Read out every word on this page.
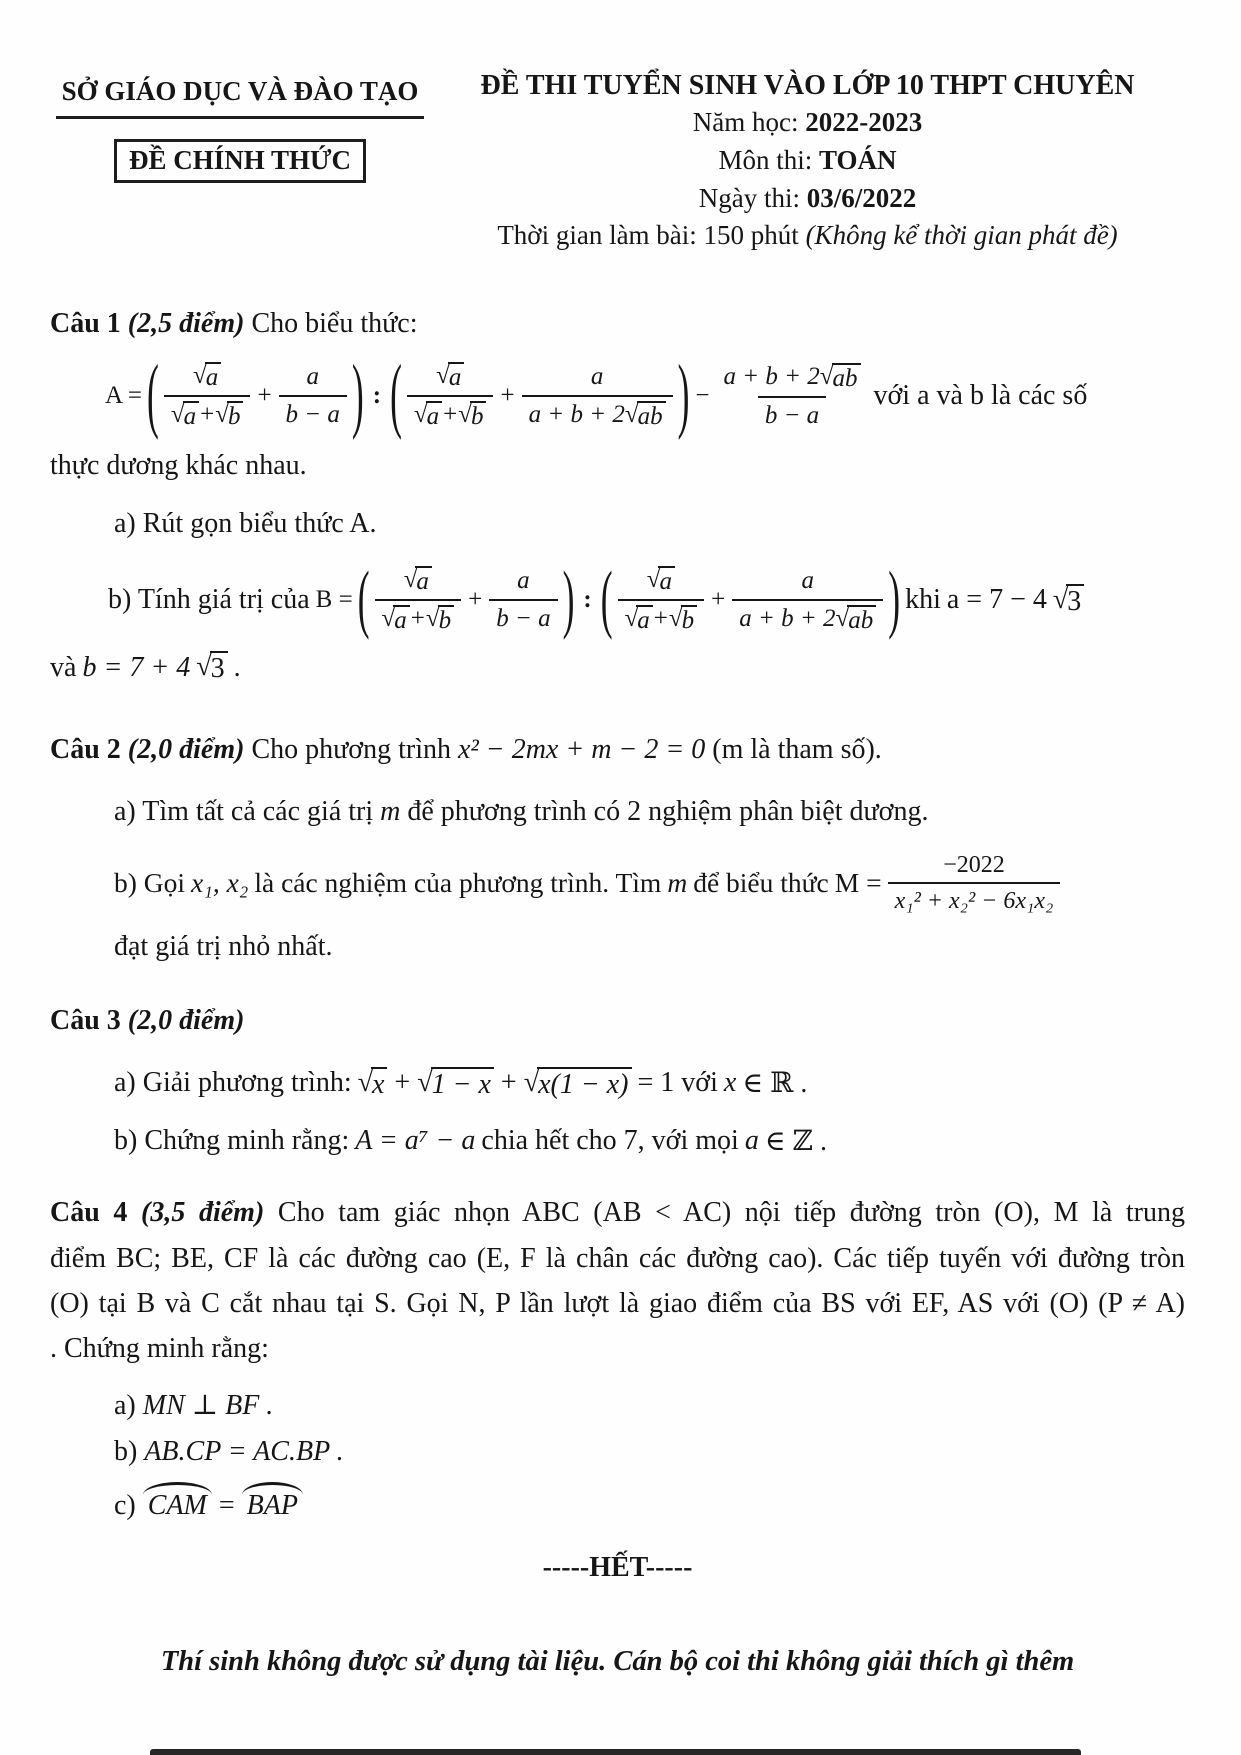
SỞ GIÁO DỤC VÀ ĐÀO TẠO
ĐỀ CHÍNH THỨC
ĐỀ THI TUYỂN SINH VÀO LỚP 10 THPT CHUYÊN
Năm học: 2022-2023
Môn thi: TOÁN
Ngày thi: 03/6/2022
Thời gian làm bài: 150 phút (Không kể thời gian phát đề)
Câu 1 (2,5 điểm) Cho biểu thức:
A = ( $\frac{√ a}{√ a + √ b} + \frac{a}{b - a}$ ) : ( $\frac{√ a}{√ a + √ b} + \frac{a}{a + b + 2 √ ab}$ ) − $\frac{a + b + 2 √ ab}{b - a}$ với a và b là các số
thực dương khác nhau.
a) Rút gọn biểu thức A.
b) Tính giá trị của B = ( $\frac{√ a}{√ a + √ b} + \frac{a}{b - a}$ ) : ( $\frac{√ a}{√ a + √ b} + \frac{a}{a + b + 2 √ ab}$ ) khi a = 7 − 4 √ 3
và b = 7 + 4 √ 3 .
Câu 2 (2,0 điểm) Cho phương trình x² − 2mx + m − 2 = 0 (m là tham số).
a) Tìm tất cả các giá trị m để phương trình có 2 nghiệm phân biệt dương.
b) Gọi x₁, x₂ là các nghiệm của phương trình. Tìm m để biểu thức $M = \frac{-2022}{\text{x₁² + x₂² − 6x₁x₂}}$
đạt giá trị nhỏ nhất.
Câu 3 (2,0 điểm)
a) Giải phương trình: √ x + √ 1 − x + √ x(1 − x) = 1 với x ∈ ℝ .
b) Chứng minh rằng: A = a⁷ − a chia hết cho 7, với mọi a ∈ ℤ .
Câu 4 (3,5 điểm) Cho tam giác nhọn ABC (AB < AC) nội tiếp đường tròn (O), M là trung
điểm BC; BE, CF là các đường cao (E, F là chân các đường cao). Các tiếp tuyến với đường tròn
(O) tại B và C cắt nhau tại S. Gọi N, P lần lượt là giao điểm của BS với EF, AS với (O) (P ≠ A)
. Chứng minh rằng:
a) MN ⊥ BF .
b) AB.CP = AC.BP .
c) CAM = BAP
-----HẾT-----
Thí sinh không được sử dụng tài liệu. Cán bộ coi thi không giải thích gì thêm
